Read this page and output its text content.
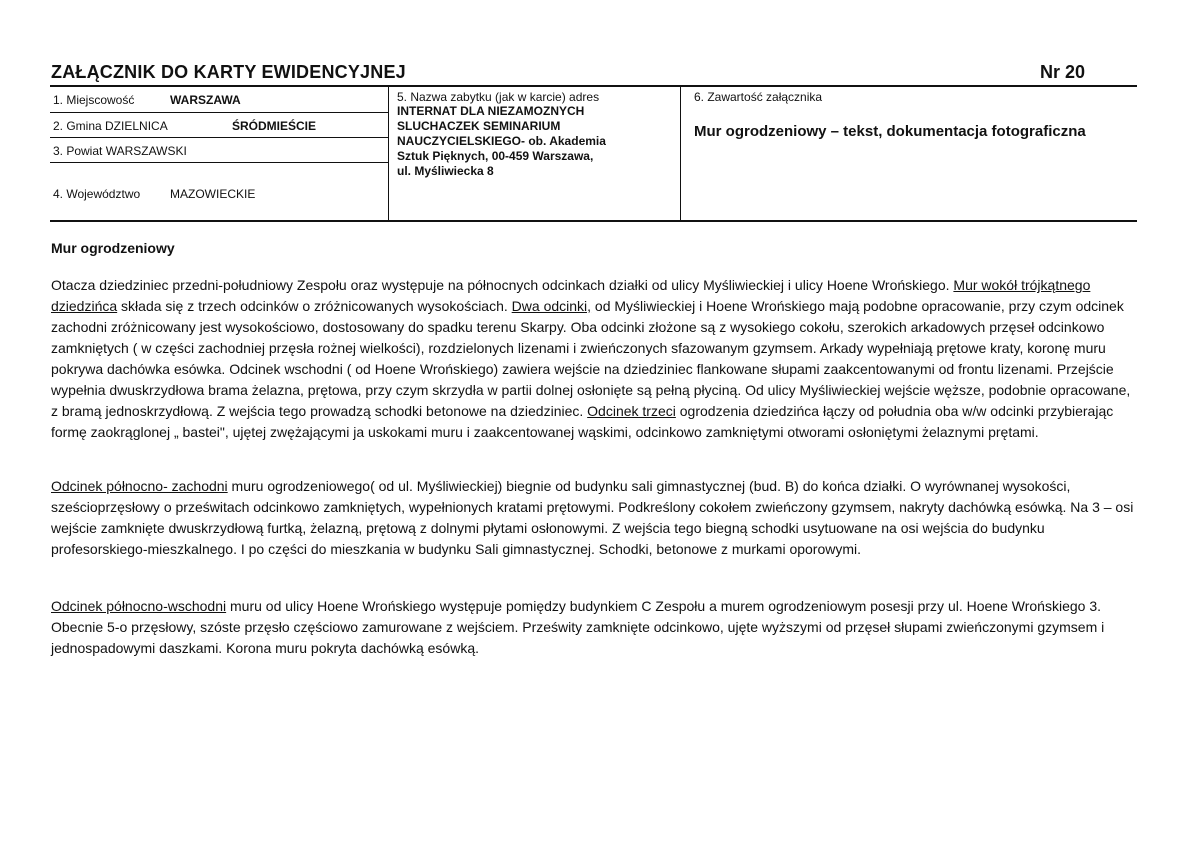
ZAŁĄCZNIK DO KARTY EWIDENCYJNEJ	Nr 20
1. Miejscowość	WARSZAWA
2. Gmina DZIELNICA	ŚRÓDMIEŚCIE
3. Powiat WARSZAWSKI
4. Województwo MAZOWIECKIE
5. Nazwa zabytku (jak w karcie) adres
INTERNAT DLA NIEZAMOZNYCH
SLUCHACZEK SEMINARIUM
NAUCZYCIELSKIEGO- ob. Akademia
Sztuk Pięknych, 00-459 Warszawa,
ul. Myśliwiecka 8
6. Zawartość załącznika
Mur ogrodzeniowy – tekst, dokumentacja fotograficzna
Mur ogrodzeniowy

Otacza dziedziniec przedni-południowy Zespołu oraz występuje na północnych odcinkach działki od ulicy Myśliwieckiej i ulicy Hoene Wrońskiego. Mur wokół trójkątnego dziedzińca składa się z trzech odcinków o zróżnicowanych wysokościach. Dwa odcinki, od Myśliwieckiej i Hoene Wrońskiego mają podobne opracowanie, przy czym odcinek zachodni zróżnicowany jest wysokościowo, dostosowany do spadku terenu Skarpy. Oba odcinki złożone są z wysokiego cokołu, szerokich arkadowych przęseł odcinkowo zamkniętych ( w części zachodniej przęsła rożnej wielkości), rozdzielonych lizenami i zwieńczonych sfazowanym gzymsem. Arkady wypełniają prętowe kraty, koronę muru pokrywa dachówka esówka. Odcinek wschodni ( od Hoene Wrońskiego) zawiera wejście na dziedziniec flankowane słupami zaakcentowanymi od frontu lizenami. Przejście wypełnia dwuskrzydłowa brama żelazna, prętowa, przy czym skrzydła w partii dolnej osłonięte są pełną płyciną. Od ulicy Myśliwieckiej wejście węższe, podobnie opracowane, z bramą jednoskrzydłową. Z wejścia tego prowadzą schodki betonowe na dziedziniec. Odcinek trzeci ogrodzenia dziedzińca łączy od południa oba w/w odcinki przybierając formę zaokrąglonej „ bastei", ujętej zwężającymi ja uskokami muru i zaakcentowanej wąskimi, odcinkowo zamkniętymi otworami osłoniętymi żelaznymi prętami.

Odcinek północno- zachodni muru ogrodzeniowego( od ul. Myśliwieckiej) biegnie od budynku sali gimnastycznej (bud. B) do końca działki. O wyrównanej wysokości, sześcioprzęsłowy o prześwitach odcinkowo zamkniętych, wypełnionych kratami prętowymi. Podkreślony cokołem zwieńczony gzymsem, nakryty dachówką esówką. Na 3 – osi wejście zamknięte dwuskrzydłową furtką, żelazną, prętową z dolnymi płytami osłonowymi. Z wejścia tego biegną schodki usytuowane na osi wejścia do budynku profesorskiego-mieszkalnego. I po części do mieszkania w budynku Sali gimnastycznej. Schodki, betonowe z murkami oporowymi.

Odcinek północno-wschodni muru od ulicy Hoene Wrońskiego występuje pomiędzy budynkiem C Zespołu a murem ogrodzeniowym posesji przy ul. Hoene Wrońskiego 3. Obecnie 5-o przęsłowy, szóste przęsło częściowo zamurowane z wejściem. Prześwity zamknięte odcinkowo, ujęte wyższymi od przęseł słupami zwieńczonymi gzymsem i jednospadowymi daszkami. Korona muru pokryta dachówką esówką.
